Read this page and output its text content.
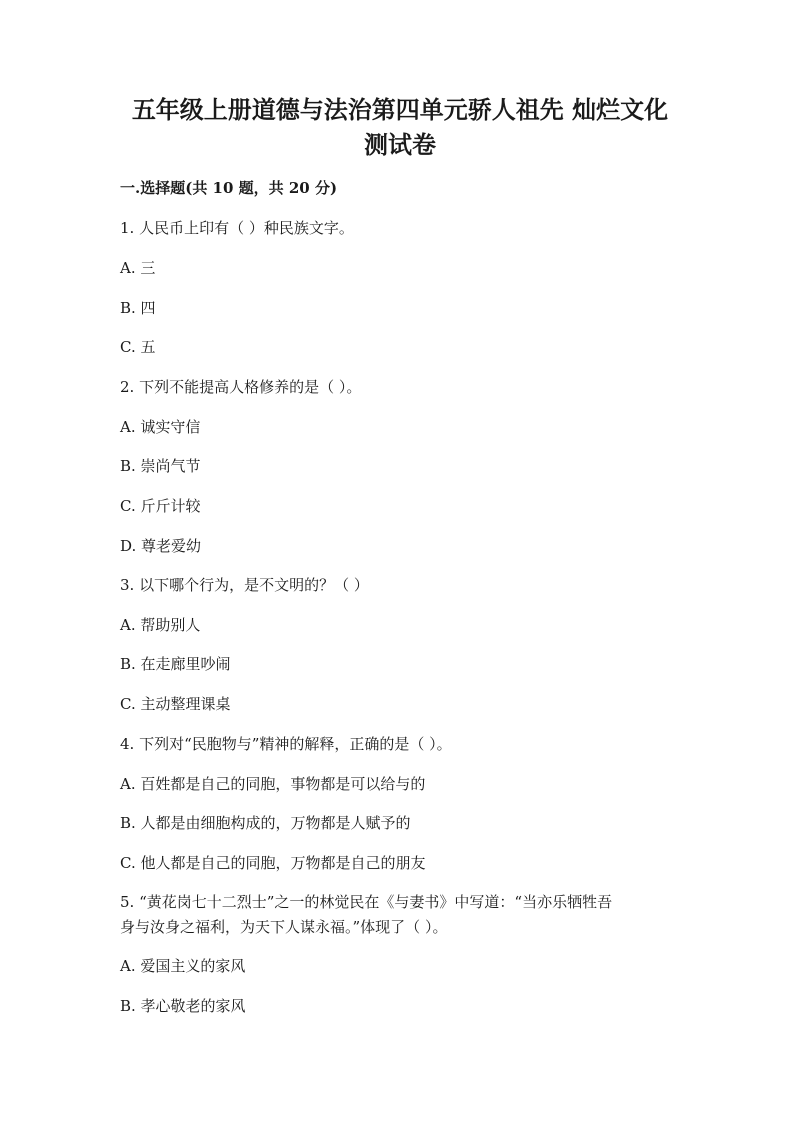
五年级上册道德与法治第四单元骄人祖先 灿烂文化
测试卷
一.选择题(共 10 题，共 20 分)

1. 人民币上印有（ ）种民族文字。

A. 三

B. 四

C. 五

2. 下列不能提高人格修养的是（ ）。

A. 诚实守信

B. 崇尚气节

C. 斤斤计较

D. 尊老爱幼

3. 以下哪个行为，是不文明的？（ ）

A. 帮助别人

B. 在走廊里吵闹

C. 主动整理课桌

4. 下列对“民胞物与”精神的解释，正确的是（ ）。

A. 百姓都是自己的同胞，事物都是可以给与的

B. 人都是由细胞构成的，万物都是人赋予的

C. 他人都是自己的同胞，万物都是自己的朋友

5. “黄花岗七十二烈士”之一的林觉民在《与妻书》中写道：“当亦乐牺牲吾

身与汝身之福利，为天下人谋永福。”体现了（ ）。

A. 爱国主义的家风

B. 孝心敬老的家风
